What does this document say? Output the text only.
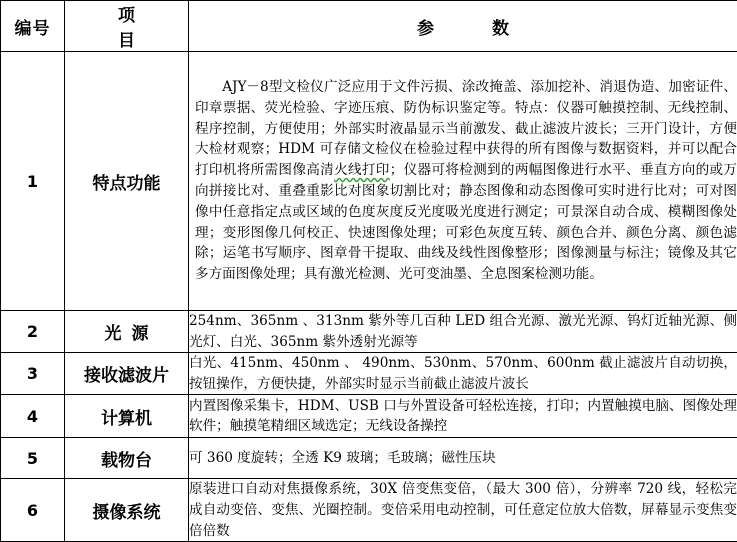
编号	项目	参数
1	特点功能	AJY－8型文检仪广泛应用于文件污损、涂改掩盖、添加挖补、消退伪造、加密证件、印章票据、荧光检验、字迹压痕、防伪标识鉴定等。特点：仪器可触摸控制、无线控制、程序控制，方便使用；外部实时液晶显示当前激发、截止滤波片波长；三开门设计，方便大检材观察；HDM 可存储文检仪在检验过程中获得的所有图像与数据资料，并可以配合打印机将所需图像高清火线打印；仪器可将检测到的两幅图像进行水平、垂直方向的或万向拼接比对、重叠重影比对图象切割比对；静态图像和动态图像可实时进行比对；可对图像中任意指定点或区域的色度灰度反光度吸光度进行测定；可景深自动合成、模糊图像处理；变形图像几何校正、快速图像处理；可彩色灰度互转、颜色合并、颜色分离、颜色滤除；运笔书写顺序、图章骨干提取、曲线及线性图像整形；图像测量与标注；镜像及其它多方面图像处理；具有激光检测、光可变油墨、全息图案检测功能。
2	光源	254nm、365nm 、313nm 紫外等几百种 LED 组合光源、激光光源、钨灯近轴光源、侧光灯、白光、365nm 紫外透射光源等
3	接收滤波片	白光、415nm、450nm 、 490nm、530nm、570nm、600nm 截止滤波片自动切换，按钮操作，方便快捷，外部实时显示当前截止滤波片波长
4	计算机	内置图像采集卡，HDM、USB 口与外置设备可轻松连接，打印；内置触摸电脑、图像处理软件；触摸笔精细区域选定；无线设备操控
5	载物台	可 360 度旋转；全透 K9 玻璃；毛玻璃；磁性压块
6	摄像系统	原装进口自动对焦摄像系统，30X 倍变焦变倍，（最大 300 倍），分辨率 720 线，轻松完成自动变倍、变焦、光圈控制。变倍采用电动控制，可任意定位放大倍数，屏幕显示变焦变倍倍数
